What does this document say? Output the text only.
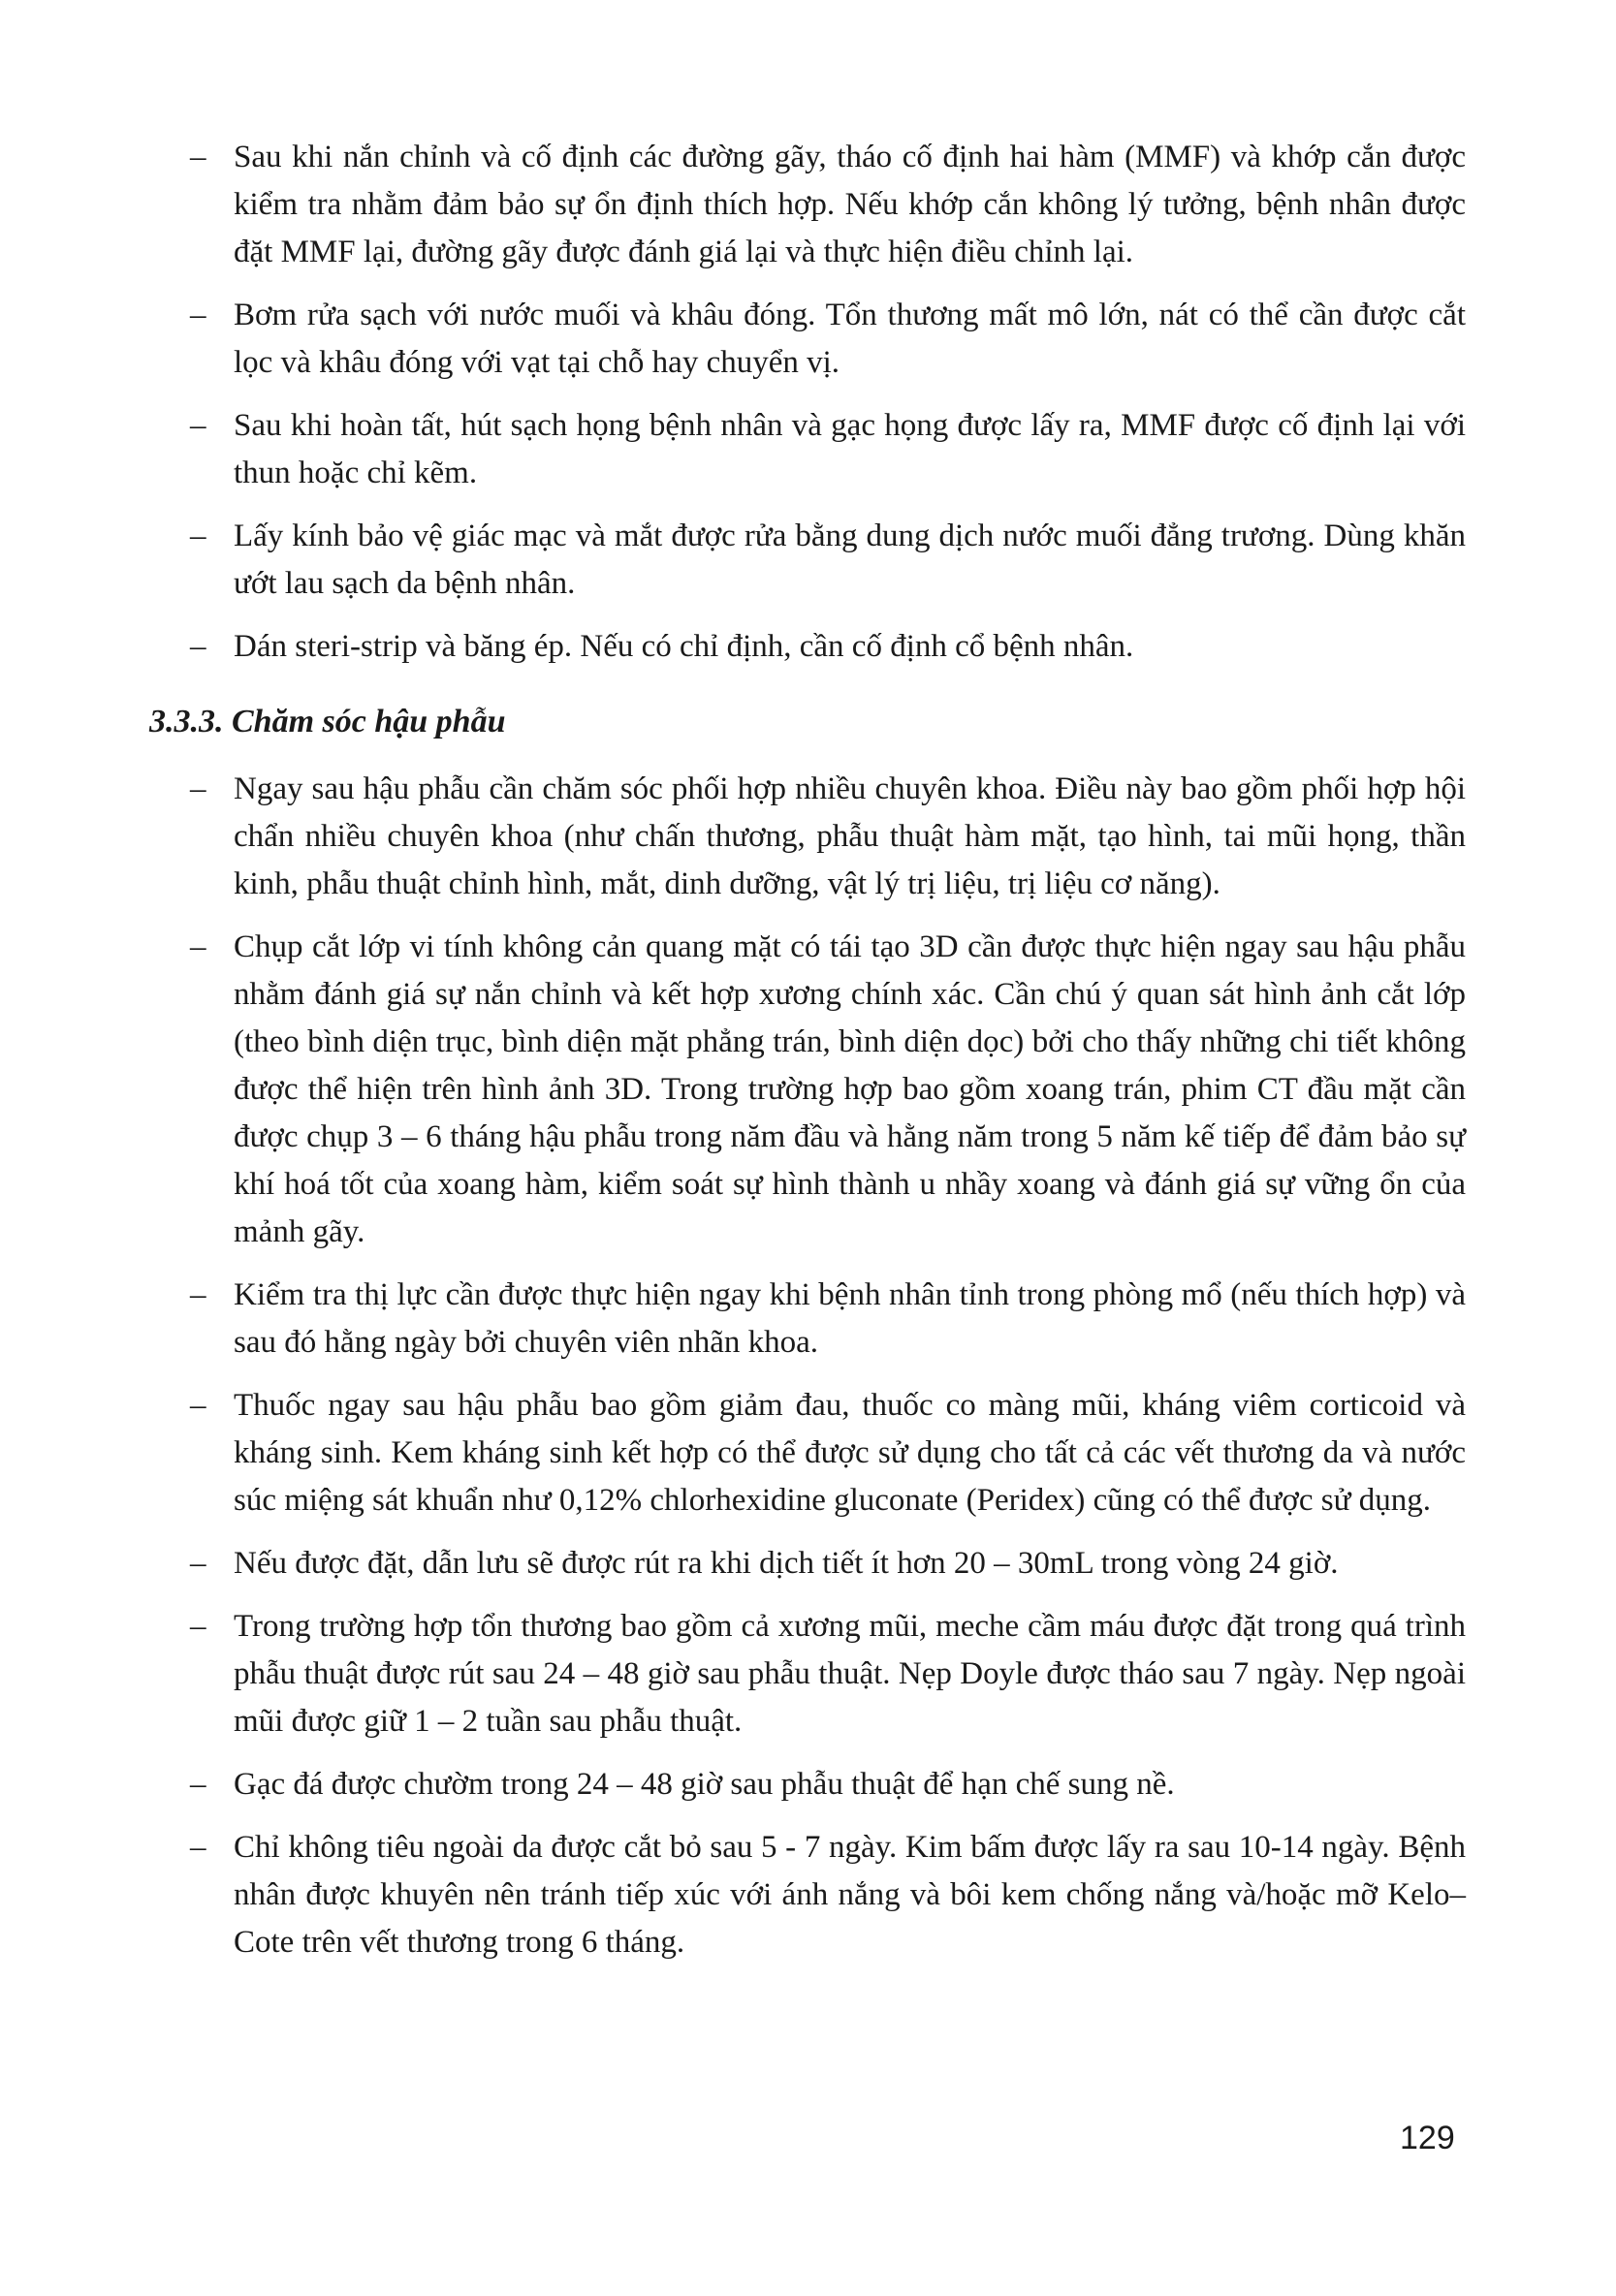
– Sau khi nắn chỉnh và cố định các đường gãy, tháo cố định hai hàm (MMF) và khớp cắn được kiểm tra nhằm đảm bảo sự ổn định thích hợp. Nếu khớp cắn không lý tưởng, bệnh nhân được đặt MMF lại, đường gãy được đánh giá lại và thực hiện điều chỉnh lại.
– Bơm rửa sạch với nước muối và khâu đóng. Tổn thương mất mô lớn, nát có thể cần được cắt lọc và khâu đóng với vạt tại chỗ hay chuyển vị.
– Sau khi hoàn tất, hút sạch họng bệnh nhân và gạc họng được lấy ra, MMF được cố định lại với thun hoặc chỉ kẽm.
– Lấy kính bảo vệ giác mạc và mắt được rửa bằng dung dịch nước muối đẳng trương. Dùng khăn ướt lau sạch da bệnh nhân.
– Dán steri-strip và băng ép. Nếu có chỉ định, cần cố định cổ bệnh nhân.
3.3.3. Chăm sóc hậu phẫu
– Ngay sau hậu phẫu cần chăm sóc phối hợp nhiều chuyên khoa. Điều này bao gồm phối hợp hội chẩn nhiều chuyên khoa (như chấn thương, phẫu thuật hàm mặt, tạo hình, tai mũi họng, thần kinh, phẫu thuật chỉnh hình, mắt, dinh dưỡng, vật lý trị liệu, trị liệu cơ năng).
– Chụp cắt lớp vi tính không cản quang mặt có tái tạo 3D cần được thực hiện ngay sau hậu phẫu nhằm đánh giá sự nắn chỉnh và kết hợp xương chính xác. Cần chú ý quan sát hình ảnh cắt lớp (theo bình diện trục, bình diện mặt phẳng trán, bình diện dọc) bởi cho thấy những chi tiết không được thể hiện trên hình ảnh 3D. Trong trường hợp bao gồm xoang trán, phim CT đầu mặt cần được chụp 3 – 6 tháng hậu phẫu trong năm đầu và hằng năm trong 5 năm kế tiếp để đảm bảo sự khí hoá tốt của xoang hàm, kiểm soát sự hình thành u nhầy xoang và đánh giá sự vững ổn của mảnh gãy.
– Kiểm tra thị lực cần được thực hiện ngay khi bệnh nhân tỉnh trong phòng mổ (nếu thích hợp) và sau đó hằng ngày bởi chuyên viên nhãn khoa.
– Thuốc ngay sau hậu phẫu bao gồm giảm đau, thuốc co màng mũi, kháng viêm corticoid và kháng sinh. Kem kháng sinh kết hợp có thể được sử dụng cho tất cả các vết thương da và nước súc miệng sát khuẩn như 0,12% chlorhexidine gluconate (Peridex) cũng có thể được sử dụng.
– Nếu được đặt, dẫn lưu sẽ được rút ra khi dịch tiết ít hơn 20 – 30mL trong vòng 24 giờ.
– Trong trường hợp tổn thương bao gồm cả xương mũi, meche cầm máu được đặt trong quá trình phẫu thuật được rút sau 24 – 48 giờ sau phẫu thuật. Nẹp Doyle được tháo sau 7 ngày. Nẹp ngoài mũi được giữ 1 – 2 tuần sau phẫu thuật.
– Gạc đá được chườm trong 24 – 48 giờ sau phẫu thuật để hạn chế sung nề.
– Chỉ không tiêu ngoài da được cắt bỏ sau 5 - 7 ngày. Kim bấm được lấy ra sau 10-14 ngày. Bệnh nhân được khuyên nên tránh tiếp xúc với ánh nắng và bôi kem chống nắng và/hoặc mỡ Kelo–Cote trên vết thương trong 6 tháng.
129
